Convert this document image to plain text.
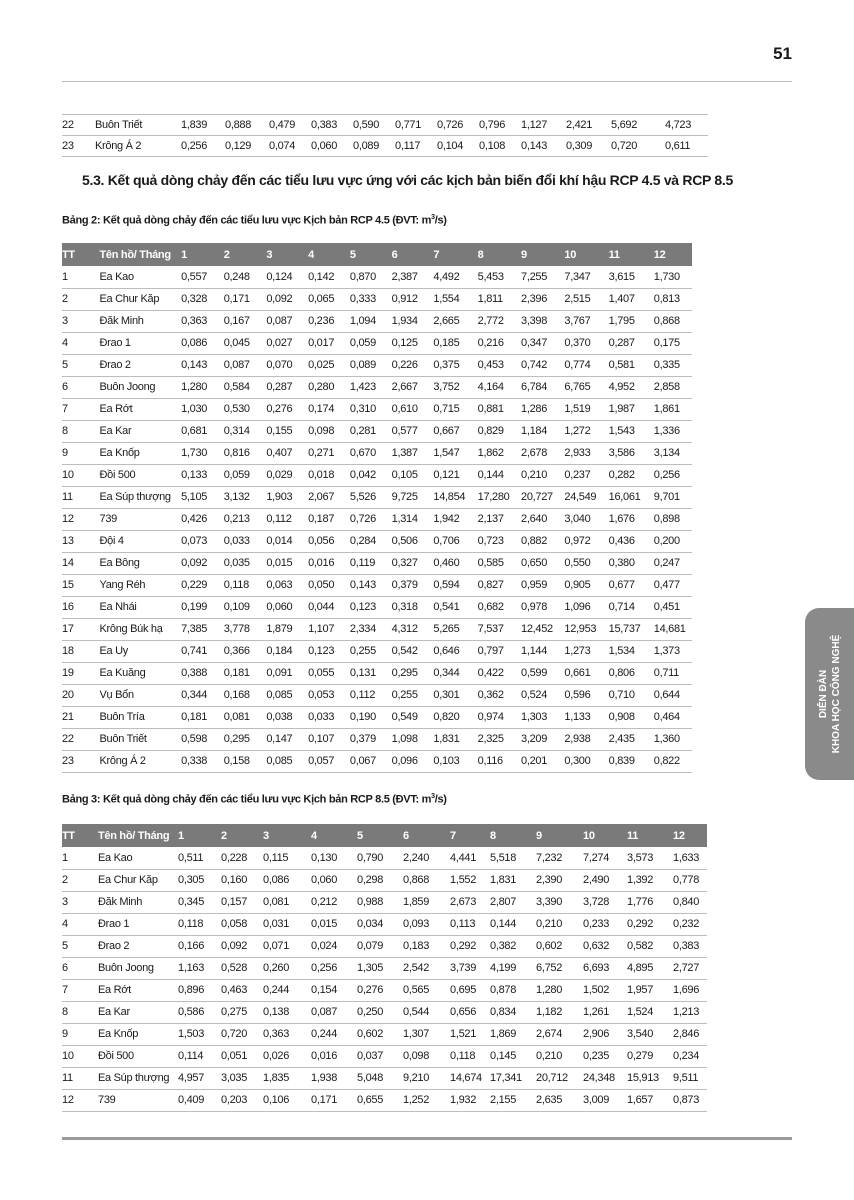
51
22	Buôn Triết	1,839	0,888	0,479	0,383	0,590	0,771	0,726	0,796	1,127	2,421	5,692	4,723
23	Krông Á 2	0,256	0,129	0,074	0,060	0,089	0,117	0,104	0,108	0,143	0,309	0,720	0,611
5.3. Kết quả dòng chảy đến các tiểu lưu vực ứng với các kịch bản biến đổi khí hậu RCP 4.5 và RCP 8.5
Bảng 2: Kết quả dòng chảy đến các tiểu lưu vực Kịch bản RCP 4.5 (ĐVT: $m^3/s$)
TT	Tên hồ/ Tháng	1	2	3	4	5	6	7	8	9	10	11	12
1	Ea Kao	0,557	0,248	0,124	0,142	0,870	2,387	4,492	5,453	7,255	7,347	3,615	1,730
2	Ea Chur Kăp	0,328	0,171	0,092	0,065	0,333	0,912	1,554	1,811	2,396	2,515	1,407	0,813
3	Đăk Minh	0,363	0,167	0,087	0,236	1,094	1,934	2,665	2,772	3,398	3,767	1,795	0,868
4	Đrao 1	0,086	0,045	0,027	0,017	0,059	0,125	0,185	0,216	0,347	0,370	0,287	0,175
5	Đrao 2	0,143	0,087	0,070	0,025	0,089	0,226	0,375	0,453	0,742	0,774	0,581	0,335
6	Buôn Joong	1,280	0,584	0,287	0,280	1,423	2,667	3,752	4,164	6,784	6,765	4,952	2,858
7	Ea Rớt	1,030	0,530	0,276	0,174	0,310	0,610	0,715	0,881	1,286	1,519	1,987	1,861
8	Ea Kar	0,681	0,314	0,155	0,098	0,281	0,577	0,667	0,829	1,184	1,272	1,543	1,336
9	Ea Knốp	1,730	0,816	0,407	0,271	0,670	1,387	1,547	1,862	2,678	2,933	3,586	3,134
10	Đồi 500	0,133	0,059	0,029	0,018	0,042	0,105	0,121	0,144	0,210	0,237	0,282	0,256
11	Ea Súp thượng	5,105	3,132	1,903	2,067	5,526	9,725	14,854	17,280	20,727	24,549	16,061	9,701
12	739	0,426	0,213	0,112	0,187	0,726	1,314	1,942	2,137	2,640	3,040	1,676	0,898
13	Đội 4	0,073	0,033	0,014	0,056	0,284	0,506	0,706	0,723	0,882	0,972	0,436	0,200
14	Ea Bông	0,092	0,035	0,015	0,016	0,119	0,327	0,460	0,585	0,650	0,550	0,380	0,247
15	Yang Réh	0,229	0,118	0,063	0,050	0,143	0,379	0,594	0,827	0,959	0,905	0,677	0,477
16	Ea Nhái	0,199	0,109	0,060	0,044	0,123	0,318	0,541	0,682	0,978	1,096	0,714	0,451
17	Krông Búk hạ	7,385	3,778	1,879	1,107	2,334	4,312	5,265	7,537	12,452	12,953	15,737	14,681
18	Ea Uy	0,741	0,366	0,184	0,123	0,255	0,542	0,646	0,797	1,144	1,273	1,534	1,373
19	Ea Kuăng	0,388	0,181	0,091	0,055	0,131	0,295	0,344	0,422	0,599	0,661	0,806	0,711
20	Vụ Bổn	0,344	0,168	0,085	0,053	0,112	0,255	0,301	0,362	0,524	0,596	0,710	0,644
21	Buôn Tría	0,181	0,081	0,038	0,033	0,190	0,549	0,820	0,974	1,303	1,133	0,908	0,464
22	Buôn Triết	0,598	0,295	0,147	0,107	0,379	1,098	1,831	2,325	3,209	2,938	2,435	1,360
23	Krông Á 2	0,338	0,158	0,085	0,057	0,067	0,096	0,103	0,116	0,201	0,300	0,839	0,822
Bảng 3: Kết quả dòng chảy đến các tiểu lưu vực Kịch bản RCP 8.5 (ĐVT: $m^3/s$)
TT	Tên hồ/ Tháng	1	2	3	4	5	6	7	8	9	10	11	12
1	Ea Kao	0,511	0,228	0,115	0,130	0,790	2,240	4,441	5,518	7,232	7,274	3,573	1,633
2	Ea Chur Kăp	0,305	0,160	0,086	0,060	0,298	0,868	1,552	1,831	2,390	2,490	1,392	0,778
3	Đăk Minh	0,345	0,157	0,081	0,212	0,988	1,859	2,673	2,807	3,390	3,728	1,776	0,840
4	Đrao 1	0,118	0,058	0,031	0,015	0,034	0,093	0,113	0,144	0,210	0,233	0,292	0,232
5	Đrao 2	0,166	0,092	0,071	0,024	0,079	0,183	0,292	0,382	0,602	0,632	0,582	0,383
6	Buôn Joong	1,163	0,528	0,260	0,256	1,305	2,542	3,739	4,199	6,752	6,693	4,895	2,727
7	Ea Rớt	0,896	0,463	0,244	0,154	0,276	0,565	0,695	0,878	1,280	1,502	1,957	1,696
8	Ea Kar	0,586	0,275	0,138	0,087	0,250	0,544	0,656	0,834	1,182	1,261	1,524	1,213
9	Ea Knốp	1,503	0,720	0,363	0,244	0,602	1,307	1,521	1,869	2,674	2,906	3,540	2,846
10	Đồi 500	0,114	0,051	0,026	0,016	0,037	0,098	0,118	0,145	0,210	0,235	0,279	0,234
11	Ea Súp thượng	4,957	3,035	1,835	1,938	5,048	9,210	14,674	17,341	20,712	24,348	15,913	9,511
12	739	0,409	0,203	0,106	0,171	0,655	1,252	1,932	2,155	2,635	3,009	1,657	0,873
DIỄN ĐÀN KHOA HỌC CÔNG NGHỆ
